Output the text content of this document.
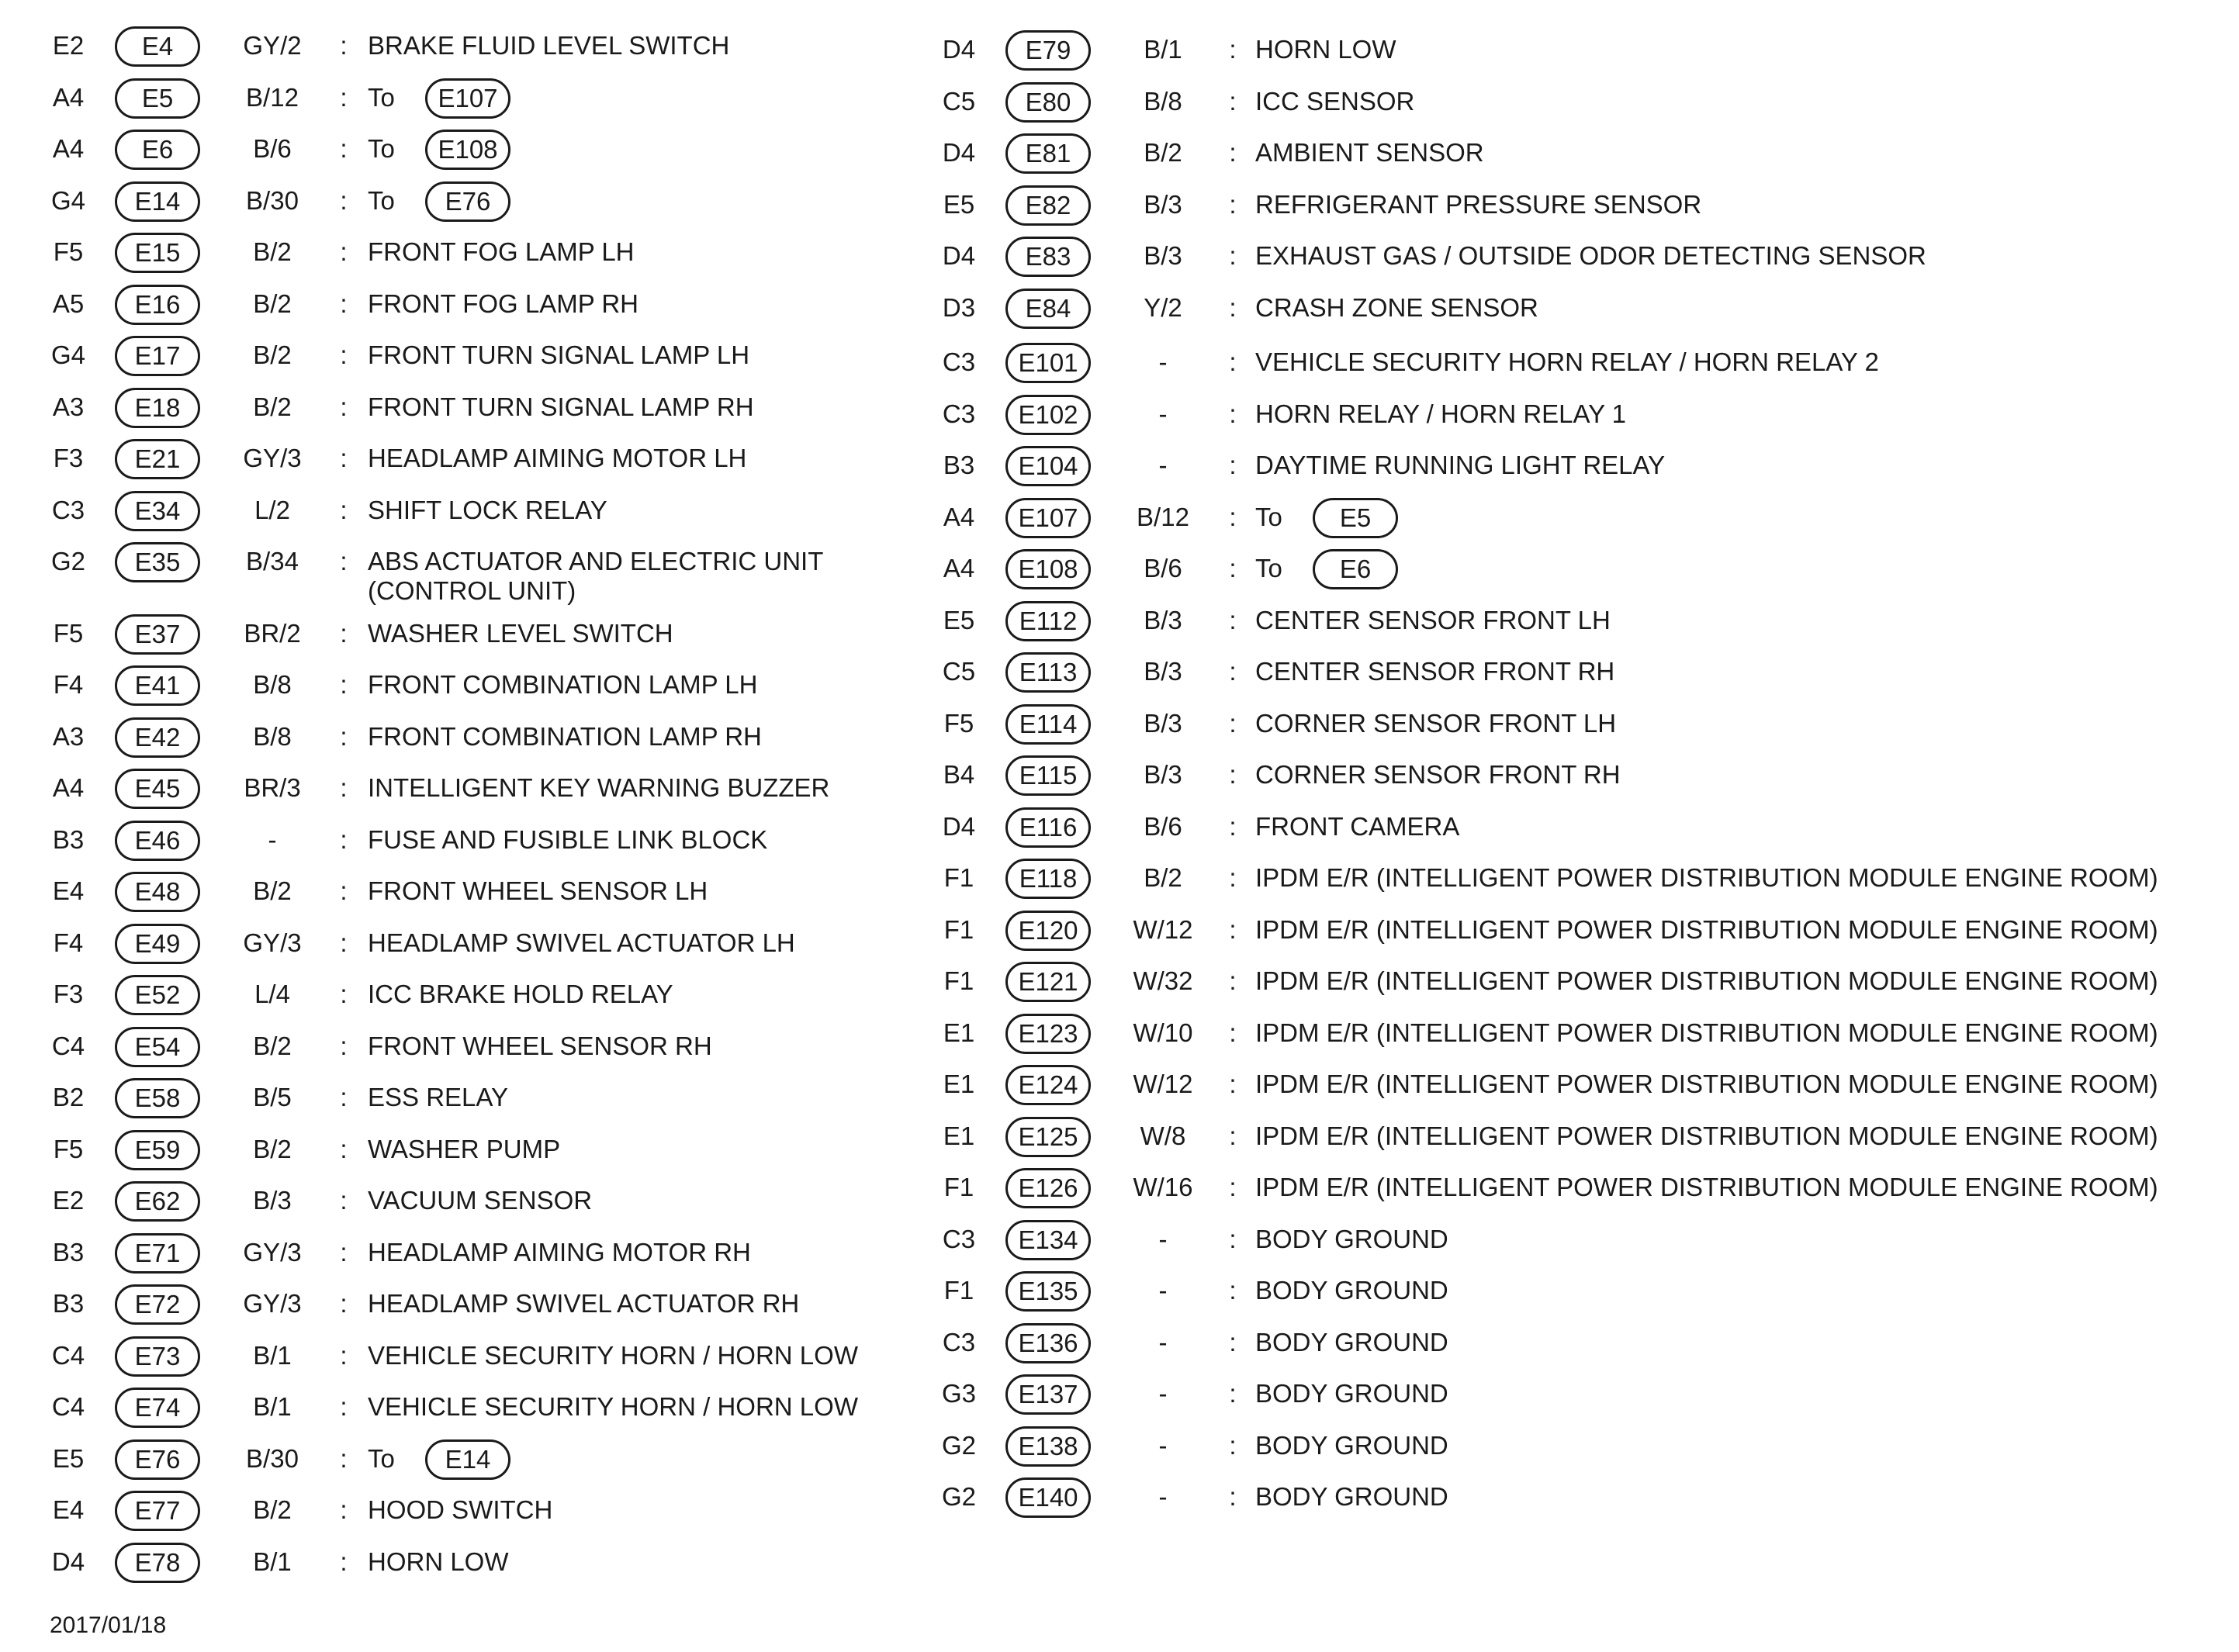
E2	E4	GY/2	: BRAKE FLUID LEVEL SWITCH
A4	E5	B/12	: To	E107
A4	E6	B/6	: To	E108
G4	E14	B/30	: To	E76
F5	E15	B/2	: FRONT FOG LAMP LH
A5	E16	B/2	: FRONT FOG LAMP RH
G4	E17	B/2	: FRONT TURN SIGNAL LAMP LH
A3	E18	B/2	: FRONT TURN SIGNAL LAMP RH
F3	E21	GY/3	: HEADLAMP AIMING MOTOR LH
C3	E34	L/2	: SHIFT LOCK RELAY
G2	E35	B/34	: ABS ACTUATOR AND ELECTRIC UNIT
(CONTROL UNIT)
F5	E37	BR/2	: WASHER LEVEL SWITCH
F4	E41	B/8	: FRONT COMBINATION LAMP LH
A3	E42	B/8	: FRONT COMBINATION LAMP RH
A4	E45	BR/3	: INTELLIGENT KEY WARNING BUZZER
B3	E46	-	: FUSE AND FUSIBLE LINK BLOCK
E4	E48	B/2	: FRONT WHEEL SENSOR LH
F4	E49	GY/3	: HEADLAMP SWIVEL ACTUATOR LH
F3	E52	L/4	: ICC BRAKE HOLD RELAY
C4	E54	B/2	: FRONT WHEEL SENSOR RH
B2	E58	B/5	: ESS RELAY
F5	E59	B/2	: WASHER PUMP
E2	E62	B/3	: VACUUM SENSOR
B3	E71	GY/3	: HEADLAMP AIMING MOTOR RH
B3	E72	GY/3	: HEADLAMP SWIVEL ACTUATOR RH
C4	E73	B/1	: VEHICLE SECURITY HORN / HORN LOW
C4	E74	B/1	: VEHICLE SECURITY HORN / HORN LOW
E5	E76	B/30	: To	E14
E4	E77	B/2	: HOOD SWITCH
D4	E78	B/1	: HORN LOW
D4	E79	B/1	: HORN LOW
C5	E80	B/8	: ICC SENSOR
D4	E81	B/2	: AMBIENT SENSOR
E5	E82	B/3	: REFRIGERANT PRESSURE SENSOR
D4	E83	B/3	: EXHAUST GAS / OUTSIDE ODOR DETECTING SENSOR
D3	E84	Y/2	: CRASH ZONE SENSOR
C3	E101	-	: VEHICLE SECURITY HORN RELAY / HORN RELAY 2
C3	E102	-	: HORN RELAY / HORN RELAY 1
B3	E104	-	: DAYTIME RUNNING LIGHT RELAY
A4	E107	B/12	: To	E5
A4	E108	B/6	: To	E6
E5	E112	B/3	: CENTER SENSOR FRONT LH
C5	E113	B/3	: CENTER SENSOR FRONT RH
F5	E114	B/3	: CORNER SENSOR FRONT LH
B4	E115	B/3	: CORNER SENSOR FRONT RH
D4	E116	B/6	: FRONT CAMERA
F1	E118	B/2	: IPDM E/R (INTELLIGENT POWER DISTRIBUTION MODULE ENGINE ROOM)
F1	E120	W/12	: IPDM E/R (INTELLIGENT POWER DISTRIBUTION MODULE ENGINE ROOM)
F1	E121	W/32	: IPDM E/R (INTELLIGENT POWER DISTRIBUTION MODULE ENGINE ROOM)
E1	E123	W/10	: IPDM E/R (INTELLIGENT POWER DISTRIBUTION MODULE ENGINE ROOM)
E1	E124	W/12	: IPDM E/R (INTELLIGENT POWER DISTRIBUTION MODULE ENGINE ROOM)
E1	E125	W/8	: IPDM E/R (INTELLIGENT POWER DISTRIBUTION MODULE ENGINE ROOM)
F1	E126	W/16	: IPDM E/R (INTELLIGENT POWER DISTRIBUTION MODULE ENGINE ROOM)
C3	E134	-	: BODY GROUND
F1	E135	-	: BODY GROUND
C3	E136	-	: BODY GROUND
G3	E137	-	: BODY GROUND
G2	E138	-	: BODY GROUND
G2	E140	-	: BODY GROUND
2017/01/18
